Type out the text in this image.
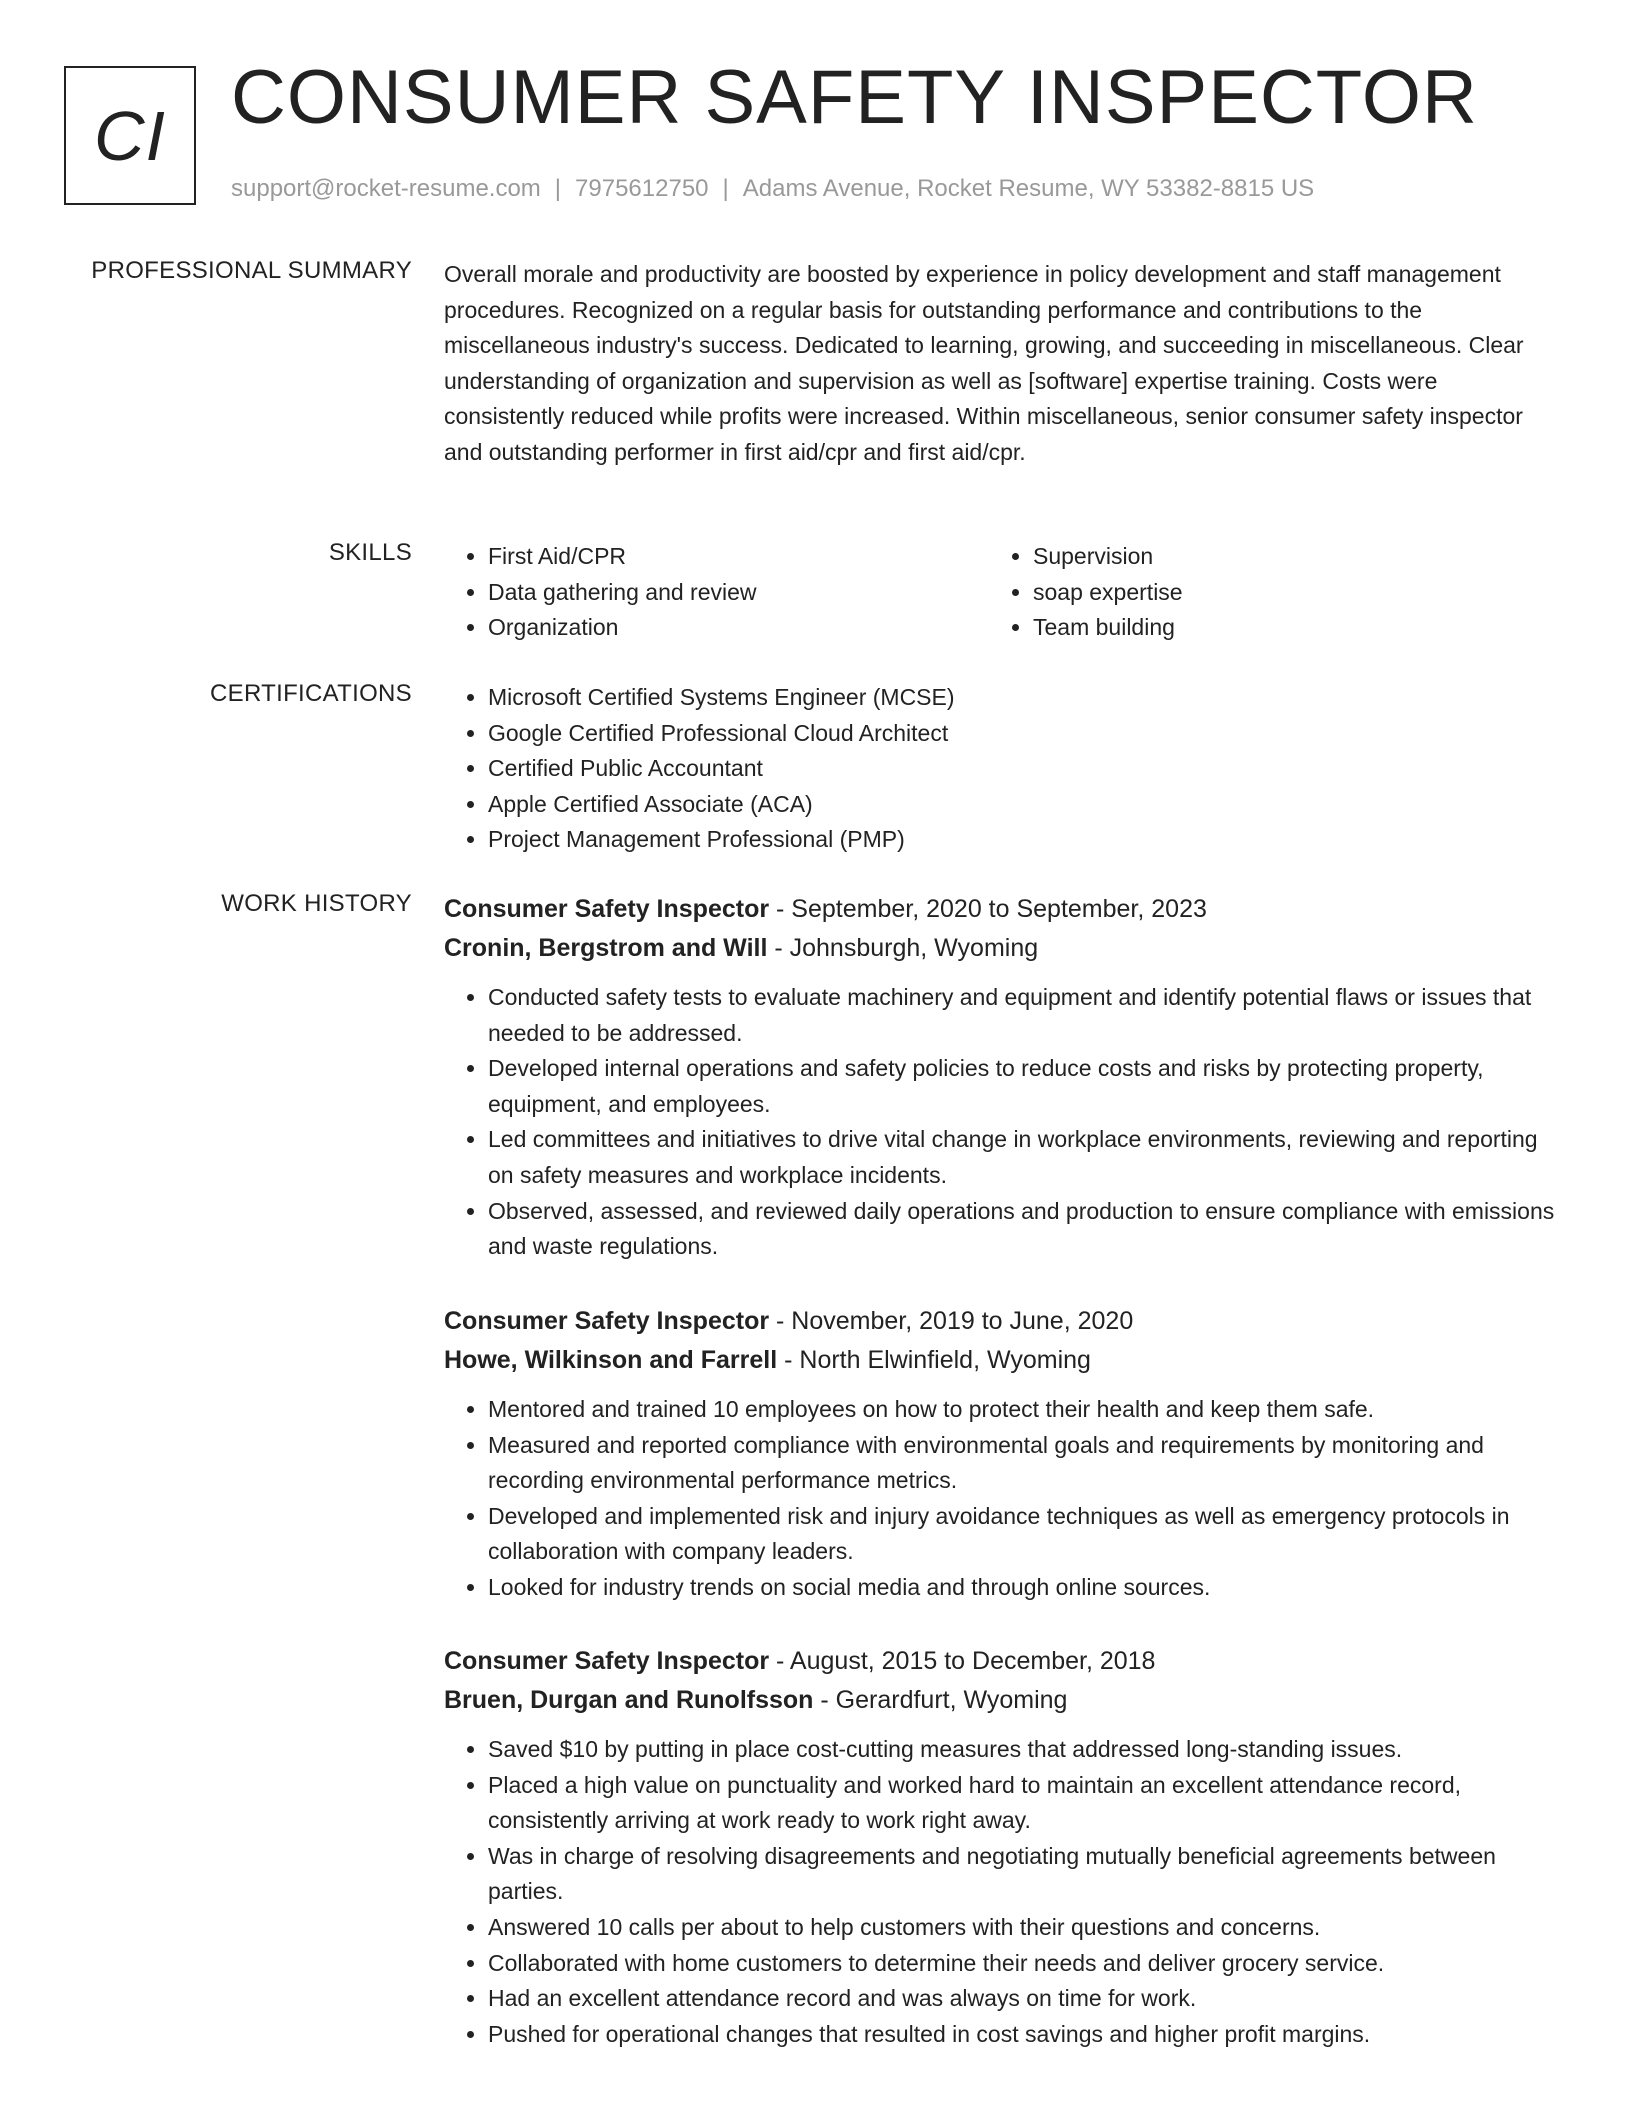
CI CONSUMER SAFETY INSPECTOR
support@rocket-resume.com | 7975612750 | Adams Avenue, Rocket Resume, WY 53382-8815 US
PROFESSIONAL SUMMARY Overall morale and productivity are boosted by experience in policy development and staff management procedures. Recognized on a regular basis for outstanding performance and contributions to the miscellaneous industry's success. Dedicated to learning, growing, and succeeding in miscellaneous. Clear understanding of organization and supervision as well as [software] expertise training. Costs were consistently reduced while profits were increased. Within miscellaneous, senior consumer safety inspector and outstanding performer in first aid/cpr and first aid/cpr.
SKILLS	• First Aid/CPR
• Data gathering and review
• Organization
• Supervision
• soap expertise
• Team building
CERTIFICATIONS	• Microsoft Certified Systems Engineer (MCSE)
• Google Certified Professional Cloud Architect
• Certified Public Accountant
• Apple Certified Associate (ACA)
• Project Management Professional (PMP)
WORK HISTORY Consumer Safety Inspector - September, 2020 to September, 2023
Cronin, Bergstrom and Will - Johnsburgh, Wyoming
• Conducted safety tests to evaluate machinery and equipment and identify potential flaws or issues that needed to be addressed.
• Developed internal operations and safety policies to reduce costs and risks by protecting property, equipment, and employees.
• Led committees and initiatives to drive vital change in workplace environments, reviewing and reporting on safety measures and workplace incidents.
• Observed, assessed, and reviewed daily operations and production to ensure compliance with emissions and waste regulations.
Consumer Safety Inspector - November, 2019 to June, 2020
Howe, Wilkinson and Farrell - North Elwinfield, Wyoming
• Mentored and trained 10 employees on how to protect their health and keep them safe.
• Measured and reported compliance with environmental goals and requirements by monitoring and recording environmental performance metrics.
• Developed and implemented risk and injury avoidance techniques as well as emergency protocols in collaboration with company leaders.
• Looked for industry trends on social media and through online sources.
Consumer Safety Inspector - August, 2015 to December, 2018
Bruen, Durgan and Runolfsson - Gerardfurt, Wyoming
• Saved $10 by putting in place cost-cutting measures that addressed long-standing issues.
• Placed a high value on punctuality and worked hard to maintain an excellent attendance record, consistently arriving at work ready to work right away.
• Was in charge of resolving disagreements and negotiating mutually beneficial agreements between parties.
• Answered 10 calls per about to help customers with their questions and concerns.
• Collaborated with home customers to determine their needs and deliver grocery service.
• Had an excellent attendance record and was always on time for work.
• Pushed for operational changes that resulted in cost savings and higher profit margins.
